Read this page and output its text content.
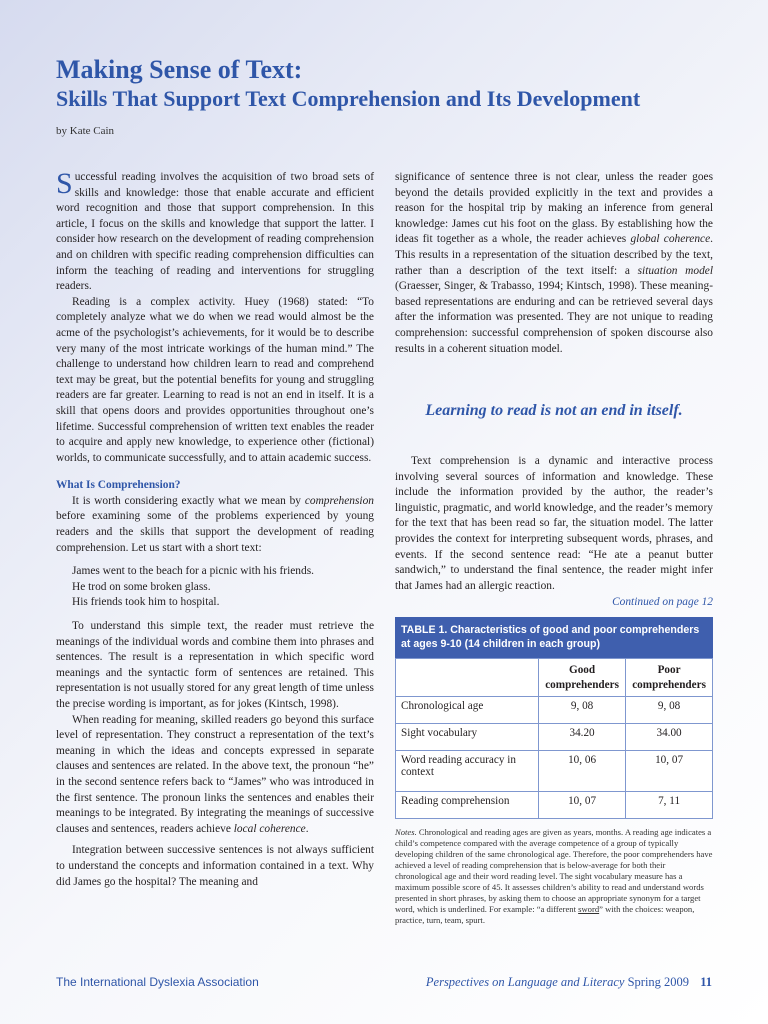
Making Sense of Text:
Skills That Support Text Comprehension and Its Development
by Kate Cain

Successful reading involves the acquisition of two broad sets of skills and knowledge: those that enable accurate and efficient word recognition and those that support comprehension. In this article, I focus on the skills and knowledge that support the latter. I consider how research on the development of reading comprehension and on children with specific reading comprehension difficulties can inform the teaching of reading and interventions for struggling readers.

Reading is a complex activity. Huey (1968) stated: “To completely analyze what we do when we read would almost be the acme of the psychologist’s achievements, for it would be to describe very many of the most intricate workings of the human mind.” The challenge to understand how children learn to read and comprehend text may be great, but the potential benefits for young and struggling readers are far greater. Learning to read is not an end in itself. It is a skill that opens doors and provides opportunities throughout one’s lifetime. Successful comprehension of written text enables the reader to acquire and apply new knowledge, to experience other (fictional) worlds, to communicate successfully, and to attain academic success.

What Is Comprehension?

It is worth considering exactly what we mean by comprehension before examining some of the problems experienced by young readers and the skills that support the development of reading comprehension. Let us start with a short text:

James went to the beach for a picnic with his friends.
He trod on some broken glass.
His friends took him to hospital.

To understand this simple text, the reader must retrieve the meanings of the individual words and combine them into phrases and sentences. The result is a representation in which specific word meanings and the syntactic form of sentences are retained. This representation is not usually stored for any great length of time unless the precise wording is important, as for jokes (Kintsch, 1998).

When reading for meaning, skilled readers go beyond this surface level of representation. They construct a representation of the text’s meaning in which the ideas and concepts expressed in separate clauses and sentences are related. In the above text, the pronoun “he” in the second sentence refers back to “James” who was introduced in the first sentence. The pronoun links the sentences and enables their meanings to be integrated. By integrating the meanings of successive clauses and sentences, readers achieve local coherence.

Integration between successive sentences is not always sufficient to understand the concepts and information contained in a text. Why did James go the hospital? The meaning and

significance of sentence three is not clear, unless the reader goes beyond the details provided explicitly in the text and provides a reason for the hospital trip by making an inference from general knowledge: James cut his foot on the glass. By establishing how the ideas fit together as a whole, the reader achieves global coherence. This results in a representation of the situation described by the text, rather than a description of the text itself: a situation model (Graesser, Singer, & Trabasso, 1994; Kintsch, 1998). These meaning-based representations are enduring and can be retrieved several days after the information was presented. They are not unique to reading comprehension: successful comprehension of spoken discourse also results in a coherent situation model.

Learning to read is not an end in itself.

Text comprehension is a dynamic and interactive process involving several sources of information and knowledge. These include the information provided by the author, the reader’s linguistic, pragmatic, and world knowledge, and the reader’s memory for the text that has been read so far, the situation model. The latter provides the context for interpreting subsequent words, phrases, and events. If the second sentence read: “He ate a peanut butter sandwich,” to understand the final sentence, the reader might infer that James had an allergic reaction.

Continued on page 12

TABLE 1. Characteristics of good and poor comprehenders at ages 9-10 (14 children in each group)
	Good comprehenders	Poor comprehenders
Chronological age	9, 08	9, 08
Sight vocabulary	34.20	34.00
Word reading accuracy in context	10, 06	10, 07
Reading comprehension	10, 07	7, 11
Notes. Chronological and reading ages are given as years, months. A reading age indicates a child’s competence compared with the average competence of a group of typically developing children of the same chronological age. Therefore, the poor comprehenders have achieved a level of reading comprehension that is below-average for both their chronological age and their word reading level. The sight vocabulary measure has a maximum possible score of 45. It assesses children’s ability to read and understand words presented in short phrases, by asking them to choose an appropriate synonym for a target word, which is underlined. For example: “a different sword” with the choices: weapon, practice, turn, team, spurt.
The International Dyslexia Association	Perspectives on Language and Literacy Spring 2009 11
